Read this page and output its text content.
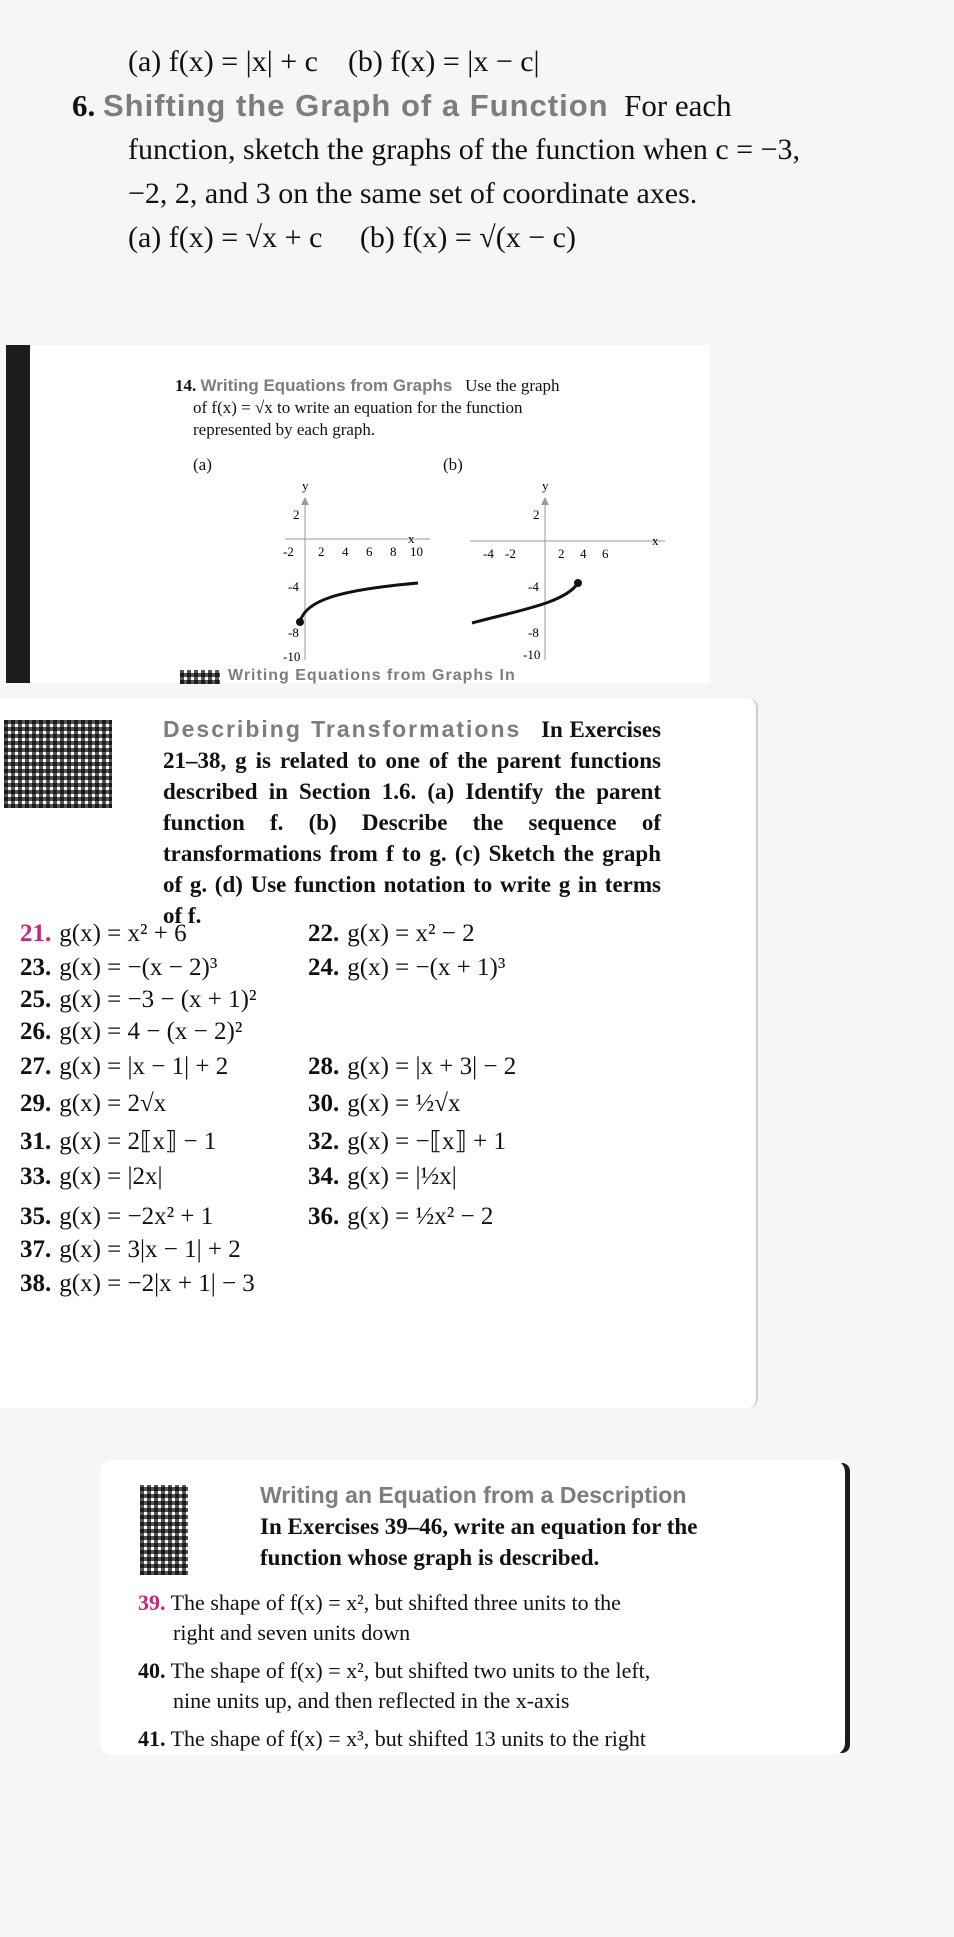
(a) f(x) = |x| + c (b) f(x) = |x − c|
6. Shifting the Graph of a Function For each
function, sketch the graphs of the function when c = −3,
−2, 2, and 3 on the same set of coordinate axes.
(a) f(x) = √x + c (b) f(x) = √(x − c)
14. Writing Equations from Graphs Use the graph
of f(x) = √x to write an equation for the function
represented by each graph.
(a)	(b)
y
x
-2 2 4 6 8 10
2
-4
-8
-10
y
x
-4 -2	2 4 6
2
-4
-8
-10
Writing Equations from Graphs In
Describing Transformations In Exercises 21–38, g is related to one of the parent functions described in Section 1.6. (a) Identify the parent function f. (b) Describe the sequence of transformations from f to g. (c) Sketch the graph of g. (d) Use function notation to write g in terms of f.
21. g(x) = x² + 6	22. g(x) = x² − 2
23. g(x) = −(x − 2)³	24. g(x) = −(x + 1)³
25. g(x) = −3 − (x + 1)²
26. g(x) = 4 − (x − 2)²
27. g(x) = |x − 1| + 2	28. g(x) = |x + 3| − 2
29. g(x) = 2√x	30. g(x) = ½√x
31. g(x) = 2⟦x⟧ − 1	32. g(x) = −⟦x⟧ + 1
33. g(x) = |2x|	34. g(x) = |½x|
35. g(x) = −2x² + 1	36. g(x) = ½x² − 2
37. g(x) = 3|x − 1| + 2
38. g(x) = −2|x + 1| − 3
Writing an Equation from a Description
In Exercises 39–46, write an equation for the
function whose graph is described.
39. The shape of f(x) = x², but shifted three units to the
right and seven units down
40. The shape of f(x) = x², but shifted two units to the left,
nine units up, and then reflected in the x-axis
41. The shape of f(x) = x³, but shifted 13 units to the right
